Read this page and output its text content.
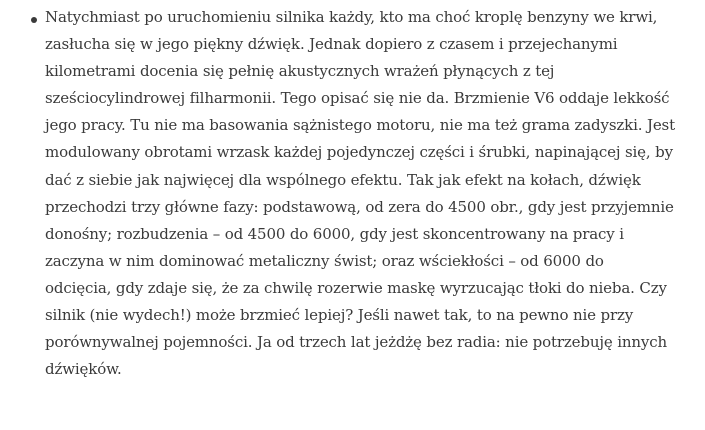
Natychmiast po uruchomieniu silnika każdy, kto ma choć kroplę benzyny we krwi,
zasłucha się w jego piękny dźwięk. Jednak dopiero z czasem i przejechanymi
kilometrami docenia się pełnię akustycznych wrażeń płynących z tej
sześciocylindrowej filharmonii. Tego opisać się nie da. Brzmienie V6 oddaje lekkość
jego pracy. Tu nie ma basowania sążnistego motoru, nie ma też grama zadyszki. Jest
modulowany obrotami wrzask każdej pojedynczej części i śrubki, napinającej się, by
dać z siebie jak najwięcej dla wspólnego efektu. Tak jak efekt na kołach, dźwięk
przechodzi trzy główne fazy: podstawową, od zera do 4500 obr., gdy jest przyjemnie
donośny; rozbudzenia – od 4500 do 6000, gdy jest skoncentrowany na pracy i
zaczyna w nim dominować metaliczny świst; oraz wściekłości – od 6000 do
odcięcia, gdy zdaje się, że za chwilę rozerwie maskę wyrzucając tłoki do nieba. Czy
silnik (nie wydech!) może brzmieć lepiej? Jeśli nawet tak, to na pewno nie przy
porównywalnej pojemności. Ja od trzech lat jeżdżę bez radia: nie potrzebuję innych
dźwięków.
